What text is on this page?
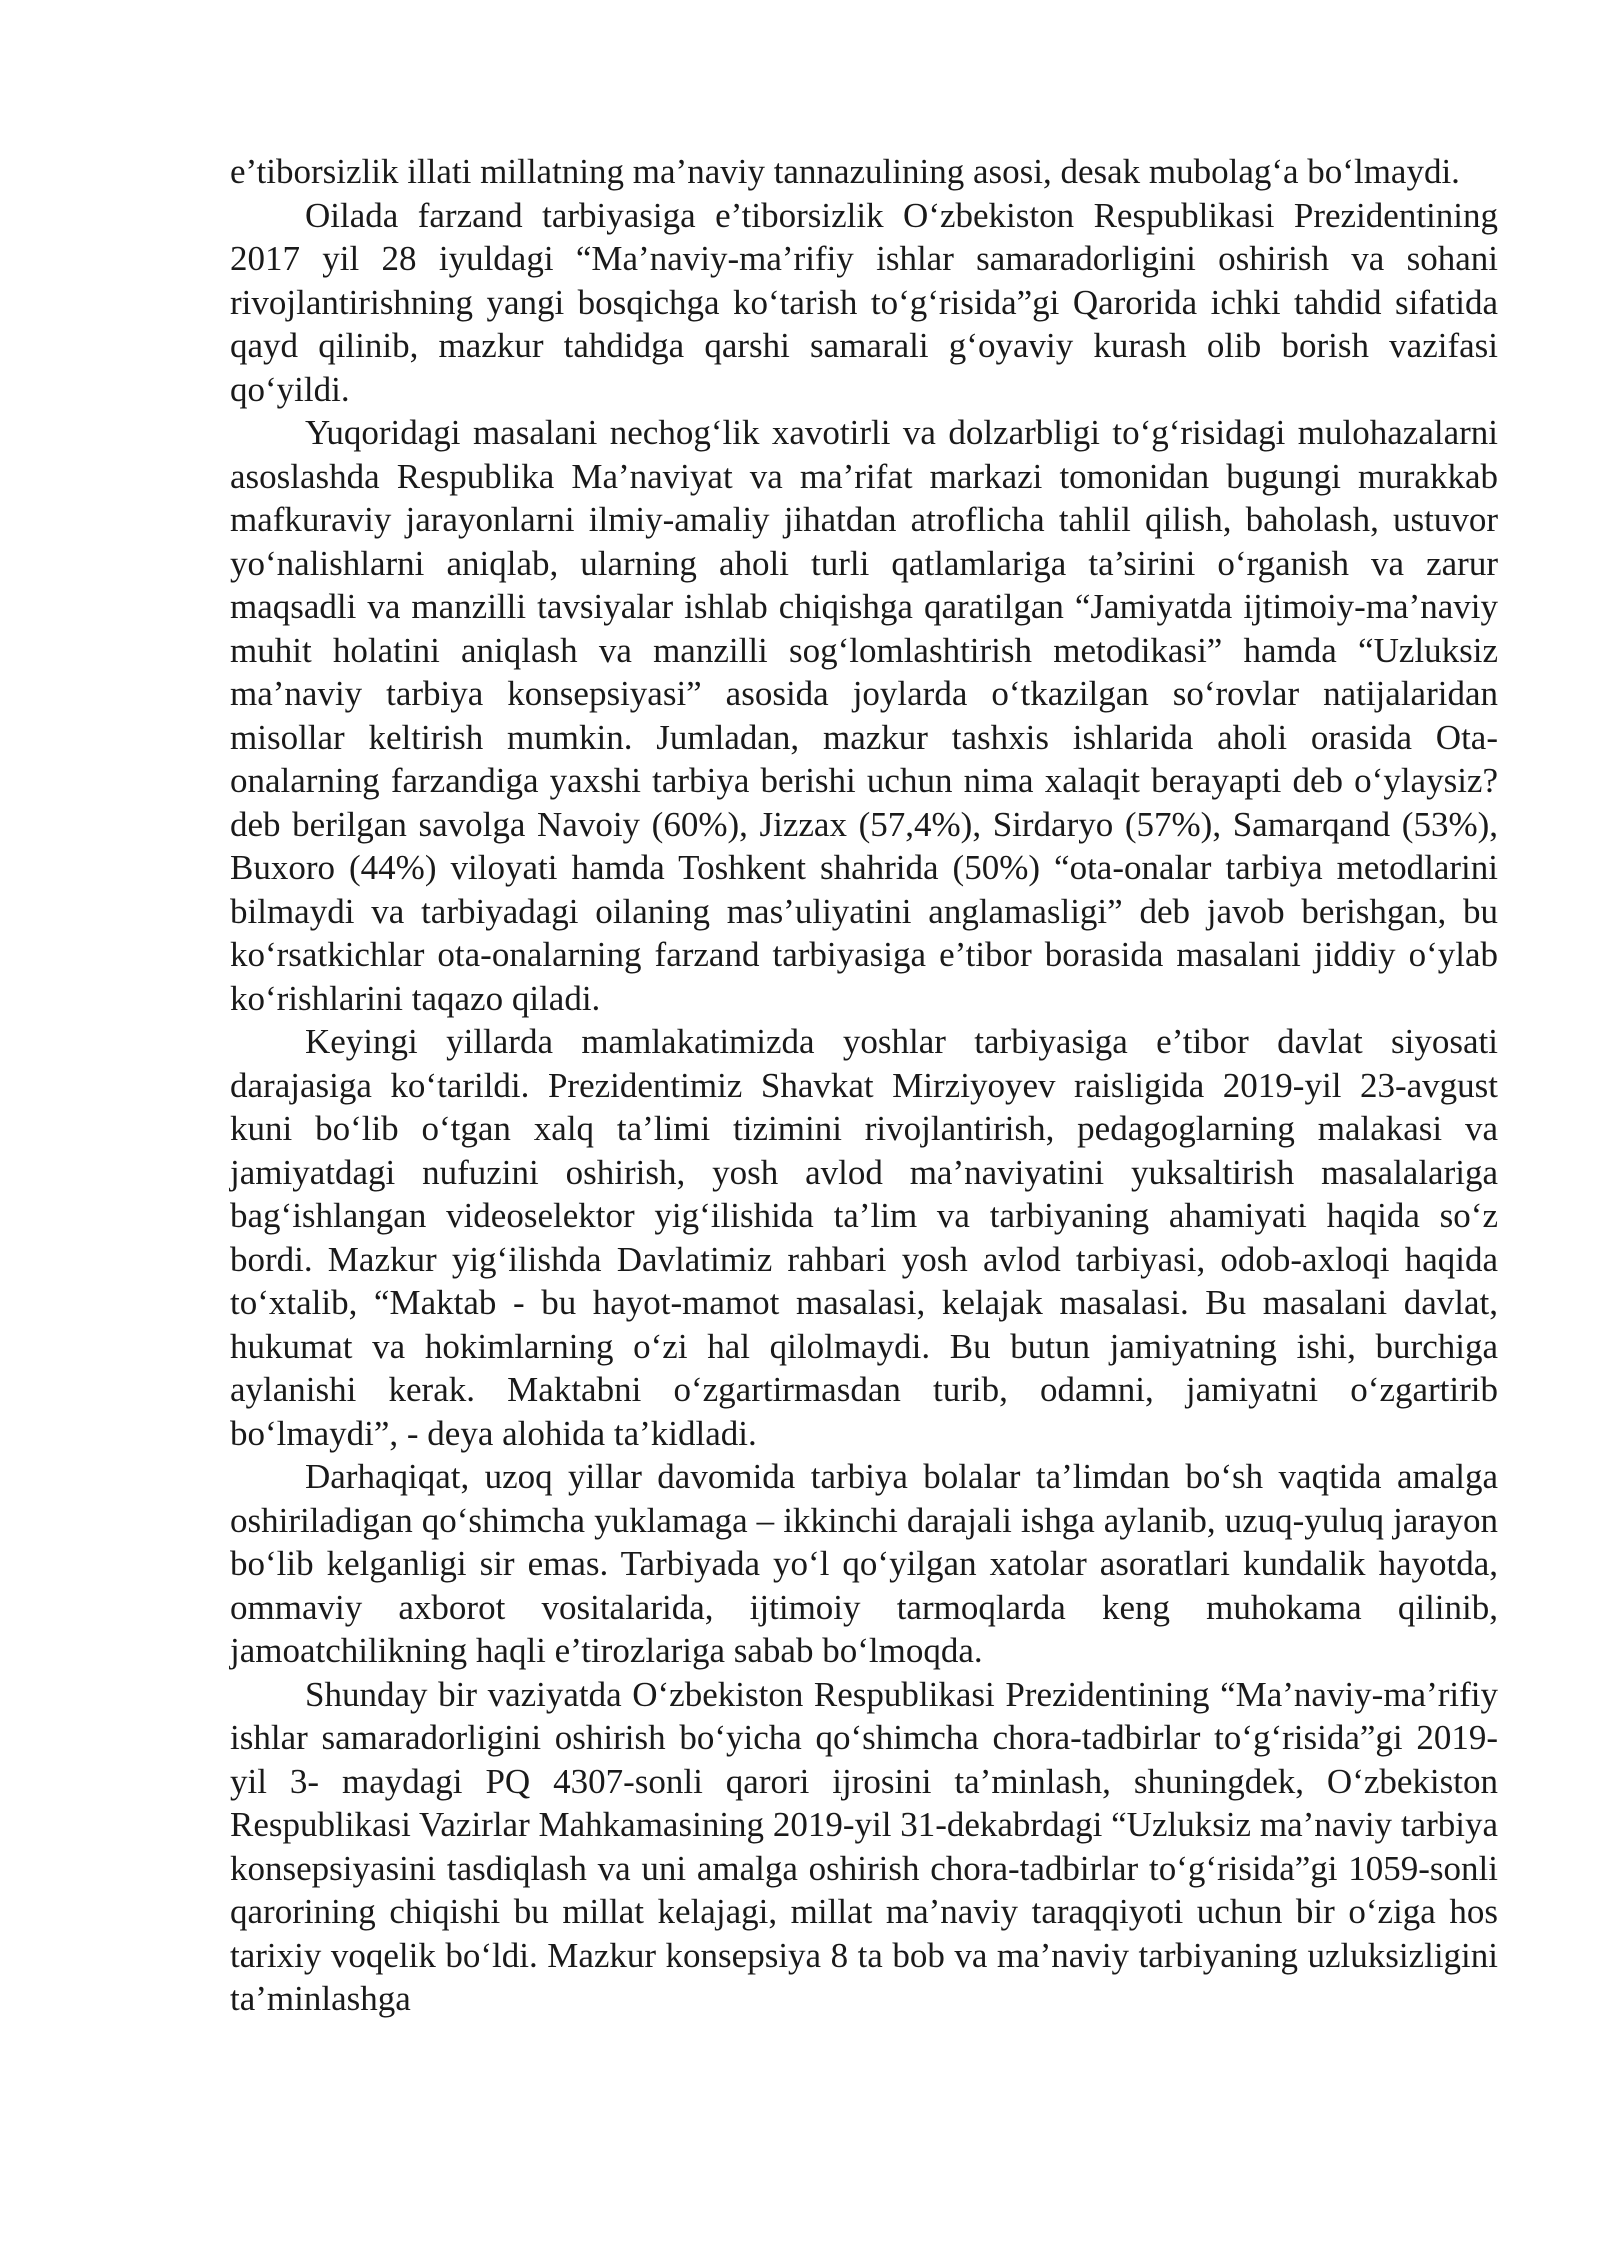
e’tiborsizlik illati millatning ma’naviy tannazulining asosi, desak mubolag‘a bo‘lmaydi.

Oilada farzand tarbiyasiga e’tiborsizlik O‘zbekiston Respublikasi Prezidentining 2017 yil 28 iyuldagi “Ma’naviy-ma’rifiy ishlar samaradorligini oshirish va sohani rivojlantirishning yangi bosqichga ko‘tarish to‘g‘risida”gi Qarorida ichki tahdid sifatida qayd qilinib, mazkur tahdidga qarshi samarali g‘oyaviy kurash olib borish vazifasi qo‘yildi.

Yuqoridagi masalani nechog‘lik xavotirli va dolzarbligi to‘g‘risidagi mulohazalarni asoslashda Respublika Ma’naviyat va ma’rifat markazi tomonidan bugungi murakkab mafkuraviy jarayonlarni ilmiy-amaliy jihatdan atroflicha tahlil qilish, baholash, ustuvor yo‘nalishlarni aniqlab, ularning aholi turli qatlamlariga ta’sirini o‘rganish va zarur maqsadli va manzilli tavsiyalar ishlab chiqishga qaratilgan “Jamiyatda ijtimoiy-ma’naviy muhit holatini aniqlash va manzilli sog‘lomlashtirish metodikasi” hamda “Uzluksiz ma’naviy tarbiya konsepsiyasi” asosida joylarda o‘tkazilgan so‘rovlar natijalaridan misollar keltirish mumkin. Jumladan, mazkur tashxis ishlarida aholi orasida Ota-onalarning farzandiga yaxshi tarbiya berishi uchun nima xalaqit berayapti deb o‘ylaysiz? deb berilgan savolga Navoiy (60%), Jizzax (57,4%), Sirdaryo (57%), Samarqand (53%), Buxoro (44%) viloyati hamda Toshkent shahrida (50%) “ota-onalar tarbiya metodlarini bilmaydi va tarbiyadagi oilaning mas’uliyatini anglamasligi” deb javob berishgan, bu ko‘rsatkichlar ota-onalarning farzand tarbiyasiga e’tibor borasida masalani jiddiy o‘ylab ko‘rishlarini taqazo qiladi.

Keyingi yillarda mamlakatimizda yoshlar tarbiyasiga e’tibor davlat siyosati darajasiga ko‘tarildi. Prezidentimiz Shavkat Mirziyoyev raisligida 2019-yil 23-avgust kuni bo‘lib o‘tgan xalq ta’limi tizimini rivojlantirish, pedagoglarning malakasi va jamiyatdagi nufuzini oshirish, yosh avlod ma’naviyatini yuksaltirish masalalariga bag‘ishlangan videoselektor yig‘ilishida ta’lim va tarbiyaning ahamiyati haqida so‘z bordi. Mazkur yig‘ilishda Davlatimiz rahbari yosh avlod tarbiyasi, odob-axloqi haqida to‘xtalib, “Maktab - bu hayot-mamot masalasi, kelajak masalasi. Bu masalani davlat, hukumat va hokimlarning o‘zi hal qilolmaydi. Bu butun jamiyatning ishi, burchiga aylanishi kerak. Maktabni o‘zgartirmasdan turib, odamni, jamiyatni o‘zgartirib bo‘lmaydi”, - deya alohida ta’kidladi.

Darhaqiqat, uzoq yillar davomida tarbiya bolalar ta’limdan bo‘sh vaqtida amalga oshiriladigan qo‘shimcha yuklamaga – ikkinchi darajali ishga aylanib, uzuq-yuluq jarayon bo‘lib kelganligi sir emas. Tarbiyada yo‘l qo‘yilgan xatolar asoratlari kundalik hayotda, ommaviy axborot vositalarida, ijtimoiy tarmoqlarda keng muhokama qilinib, jamoatchilikning haqli e’tirozlariga sabab bo‘lmoqda.

Shunday bir vaziyatda O‘zbekiston Respublikasi Prezidentining “Ma’naviy-ma’rifiy ishlar samaradorligini oshirish bo‘yicha qo‘shimcha chora-tadbirlar to‘g‘risida”gi 2019-yil 3- maydagi PQ 4307-sonli qarori ijrosini ta’minlash, shuningdek, O‘zbekiston Respublikasi Vazirlar Mahkamasining 2019-yil 31-dekabrdagi “Uzluksiz ma’naviy tarbiya konsepsiyasini tasdiqlash va uni amalga oshirish chora-tadbirlar to‘g‘risida”gi 1059-sonli qarorining chiqishi bu millat kelajagi, millat ma’naviy taraqqiyoti uchun bir o‘ziga hos tarixiy voqelik bo‘ldi. Mazkur konsepsiya 8 ta bob va ma’naviy tarbiyaning uzluksizligini ta’minlashga
